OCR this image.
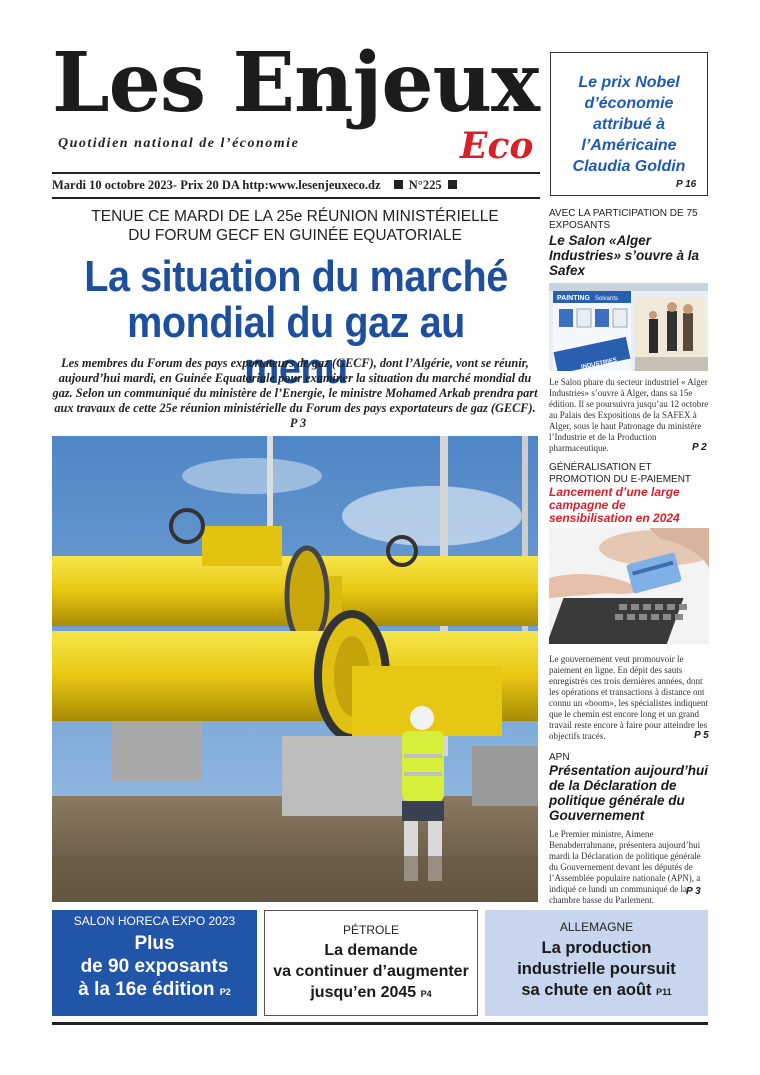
Les Enjeux
Eco
Quotidien national de l’économie
Mardi 10 octobre 2023- Prix 20 DA http:www.lesenjeuxeco.dz N°225
Le prix Nobel d’économie attribué à l’Américaine Claudia Goldin
P 16
TENUE CE MARDI DE LA 25e RÉUNION MINISTÉRIELLE
DU FORUM GECF EN GUINÉE EQUATORIALE
La situation du marché mondial du gaz au menu
Les membres du Forum des pays exportateurs de gaz (GECF), dont l’Algérie, vont se réunir, aujourd’hui mardi, en Guinée Equatoriale pour examiner la situation du marché mondial du gaz. Selon un communiqué du ministère de l’Energie, le ministre Mohamed Arkab prendra part aux travaux de cette 25e réunion ministérielle du Forum des pays exportateurs de gaz (GECF). P 3
AVEC LA PARTICIPATION DE 75 EXPOSANTS
Le Salon «Alger Industries» s’ouvre à la Safex
PAINTING Solvants
INDUSTRIES
Le Salon phare du secteur industriel « Alger Industries» s’ouvre à Alger, dans sa 15e édition. Il se poursuivra jusqu’au 12 octobre au Palais des Expositions de la SAFEX à Alger, sous le haut Patronage du ministère l’Industrie et de la Production pharmaceutique.	P 2
GÉNÉRALISATION ET PROMOTION DU E-PAIEMENT
Lancement d’une large campagne de sensibilisation en 2024
Le gouvernement veut promouvoir le paiement en ligne. En dépit des sauts enregistrés ces trois dernières années, dont les opérations et transactions à distance ont connu un «boom», les spécialistes indiquent que le chemin est encore long et un grand travail reste encore à faire pour atteindre les objectifs tracés.	P 5
APN
Présentation aujourd’hui de la Déclaration de politique générale du Gouvernement
Le Premier ministre, Aimene Benabderrahmane, présentera aujourd’hui mardi la Déclaration de politique générale du Gouvernement devant les députés de l’Assemblée populaire nationale (APN), a indiqué ce lundi un communiqué de la chambre basse du Parlement.
P 3
SALON HORECA EXPO 2023
Plus
de 90 exposants
à la 16e édition P2
PÉTROLE
La demande
va continuer d’augmenter
jusqu’en 2045 P4
ALLEMAGNE
La production
industrielle poursuit
sa chute en août P11
